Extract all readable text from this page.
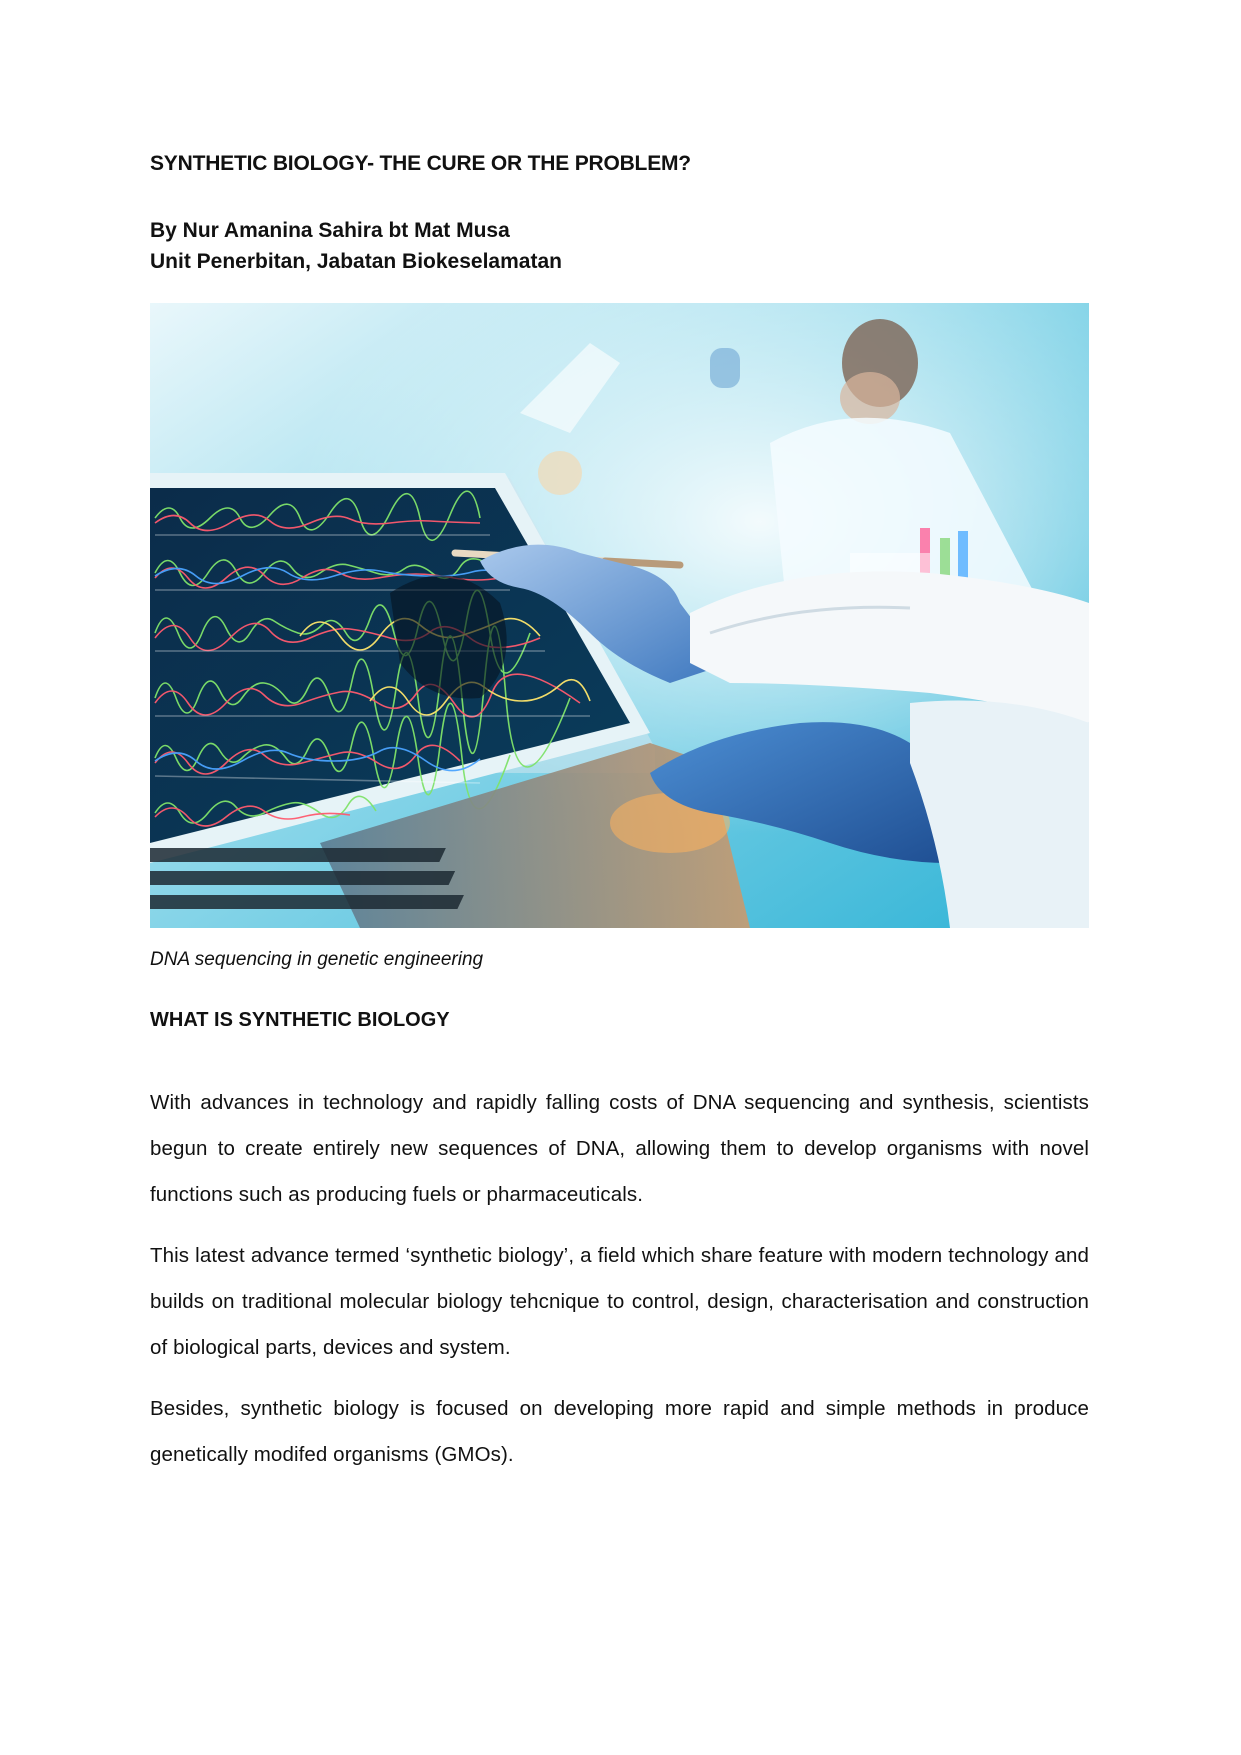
SYNTHETIC BIOLOGY- THE CURE OR THE PROBLEM?
By Nur Amanina Sahira bt Mat Musa
Unit Penerbitan, Jabatan Biokeselamatan
DNA sequencing in genetic engineering
WHAT IS SYNTHETIC BIOLOGY

With advances in technology and rapidly falling costs of DNA sequencing and synthesis, scientists begun to create entirely new sequences of DNA, allowing them to develop organisms with novel functions such as producing fuels or pharmaceuticals.

This latest advance termed ‘synthetic biology’, a field which share feature with modern technology and builds on traditional molecular biology tehcnique to control, design, characterisation and construction of biological parts, devices and system.

Besides, synthetic biology is focused on developing more rapid and simple methods in produce genetically modifed organisms (GMOs).
